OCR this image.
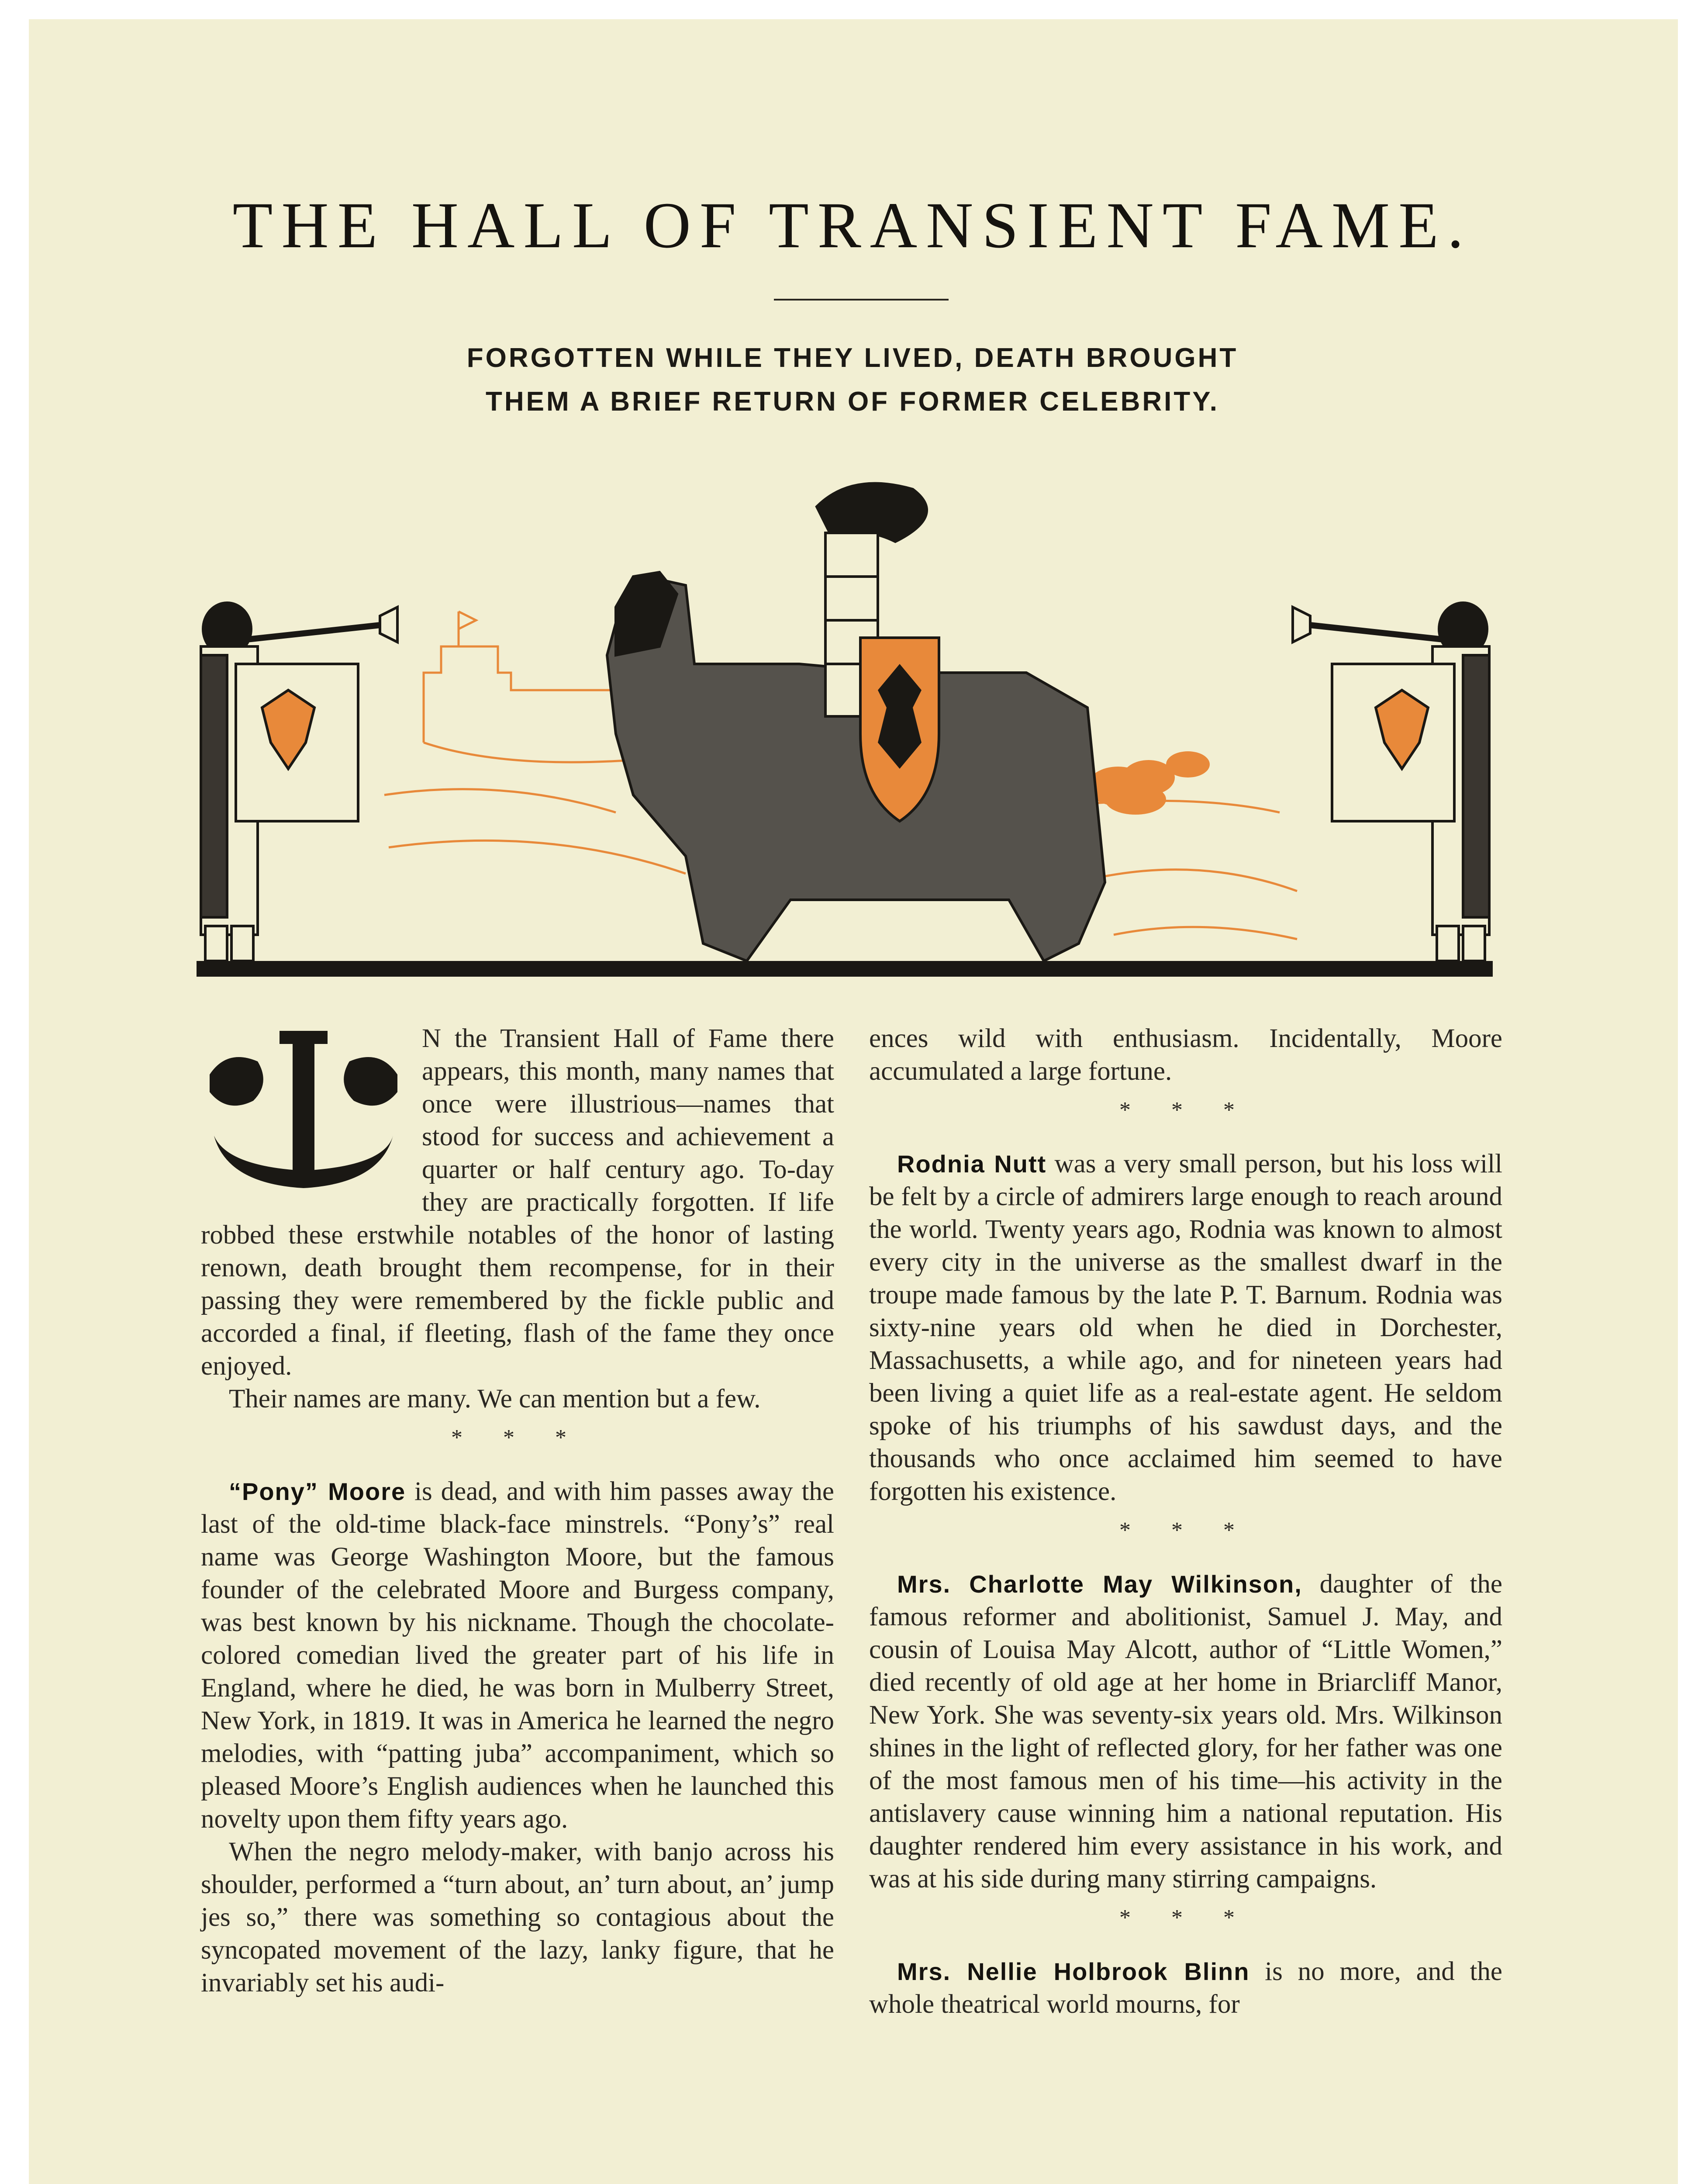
THE HALL OF TRANSIENT FAME.
FORGOTTEN WHILE THEY LIVED, DEATH BROUGHT
THEM A BRIEF RETURN OF FORMER CELEBRITY.

N the Transient Hall of Fame there appears, this month, many names that once were illustrious—names that stood for success and achievement a quarter or half century ago. To-day they are practically forgotten. If life robbed these erstwhile notables of the honor of lasting renown, death brought them recompense, for in their passing they were remembered by the fickle public and accorded a final, if fleeting, flash of the fame they once enjoyed.

Their names are many. We can mention but a few.

* * *

“Pony” Moore is dead, and with him passes away the last of the old-time black-face minstrels. “Pony’s” real name was George Washington Moore, but the famous founder of the celebrated Moore and Burgess company, was best known by his nickname. Though the chocolate-colored comedian lived the greater part of his life in England, where he died, he was born in Mulberry Street, New York, in 1819. It was in America he learned the negro melodies, with “patting juba” accompaniment, which so pleased Moore’s English audiences when he launched this novelty upon them fifty years ago.

When the negro melody-maker, with banjo across his shoulder, performed a “turn about, an’ turn about, an’ jump jes so,” there was something so contagious about the syncopated movement of the lazy, lanky figure, that he invariably set his audi-

ences wild with enthusiasm. Incidentally, Moore accumulated a large fortune.

* * *

Rodnia Nutt was a very small person, but his loss will be felt by a circle of admirers large enough to reach around the world. Twenty years ago, Rodnia was known to almost every city in the universe as the smallest dwarf in the troupe made famous by the late P. T. Barnum. Rodnia was sixty-nine years old when he died in Dorchester, Massachusetts, a while ago, and for nineteen years had been living a quiet life as a real-estate agent. He seldom spoke of his triumphs of his sawdust days, and the thousands who once acclaimed him seemed to have forgotten his existence.

* * *

Mrs. Charlotte May Wilkinson, daughter of the famous reformer and abolitionist, Samuel J. May, and cousin of Louisa May Alcott, author of “Little Women,” died recently of old age at her home in Briarcliff Manor, New York. She was seventy-six years old. Mrs. Wilkinson shines in the light of reflected glory, for her father was one of the most famous men of his time—his activity in the antislavery cause winning him a national reputation. His daughter rendered him every assistance in his work, and was at his side during many stirring campaigns.

* * *

Mrs. Nellie Holbrook Blinn is no more, and the whole theatrical world mourns, for
